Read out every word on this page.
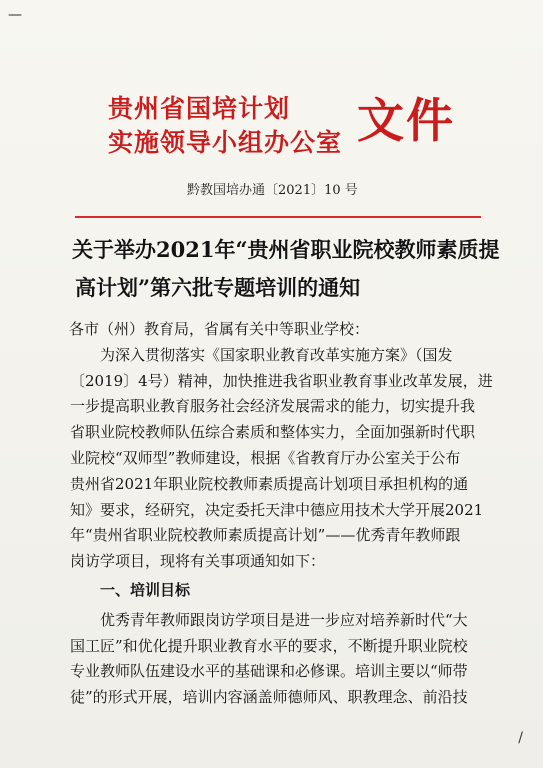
—
贵州省国培计划
实施领导小组办公室 文件
黔教国培办通〔2021〕10 号
关于举办2021年“贵州省职业院校教师素质提
高计划”第六批专题培训的通知

各市（州）教育局，省属有关中等职业学校：

为深入贯彻落实《国家职业教育改革实施方案》（国发
〔2019〕4号）精神，加快推进我省职业教育事业改革发展，进
一步提高职业教育服务社会经济发展需求的能力，切实提升我
省职业院校教师队伍综合素质和整体实力，全面加强新时代职
业院校“双师型”教师建设，根据《省教育厅办公室关于公布
贵州省2021年职业院校教师素质提高计划项目承担机构的通
知》要求，经研究，决定委托天津中德应用技术大学开展2021
年“贵州省职业院校教师素质提高计划”——优秀青年教师跟
岗访学项目，现将有关事项通知如下：

一、培训目标

优秀青年教师跟岗访学项目是进一步应对培养新时代“大
国工匠”和优化提升职业教育水平的要求，不断提升职业院校
专业教师队伍建设水平的基础课和必修课。培训主要以“师带
徒”的形式开展，培训内容涵盖师德师风、职教理念、前沿技

/
